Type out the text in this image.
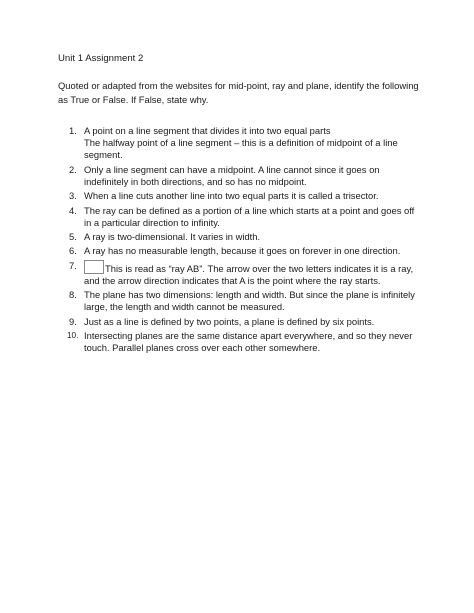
Unit 1 Assignment 2
Quoted or adapted from the websites for mid-point, ray and plane, identify the following as True or False. If False, state why.
1. A point on a line segment that divides it into two equal parts
The halfway point of a line segment – this is a definition of midpoint of a line segment.
2. Only a line segment can have a midpoint. A line cannot since it goes on indefinitely in both directions, and so has no midpoint.
3. When a line cuts another line into two equal parts it is called a trisector.
4. The ray can be defined as a portion of a line which starts at a point and goes off in a particular direction to infinity.
5. A ray is two-dimensional. It varies in width.
6. A ray has no measurable length, because it goes on forever in one direction.
7.	This is read as “ray AB”. The arrow over the two letters indicates it is a ray, and the arrow direction indicates that A is the point where the ray starts.
8. The plane has two dimensions: length and width. But since the plane is infinitely large, the length and width cannot be measured.
9. Just as a line is defined by two points, a plane is defined by six points.
10. Intersecting planes are the same distance apart everywhere, and so they never touch. Parallel planes cross over each other somewhere.
